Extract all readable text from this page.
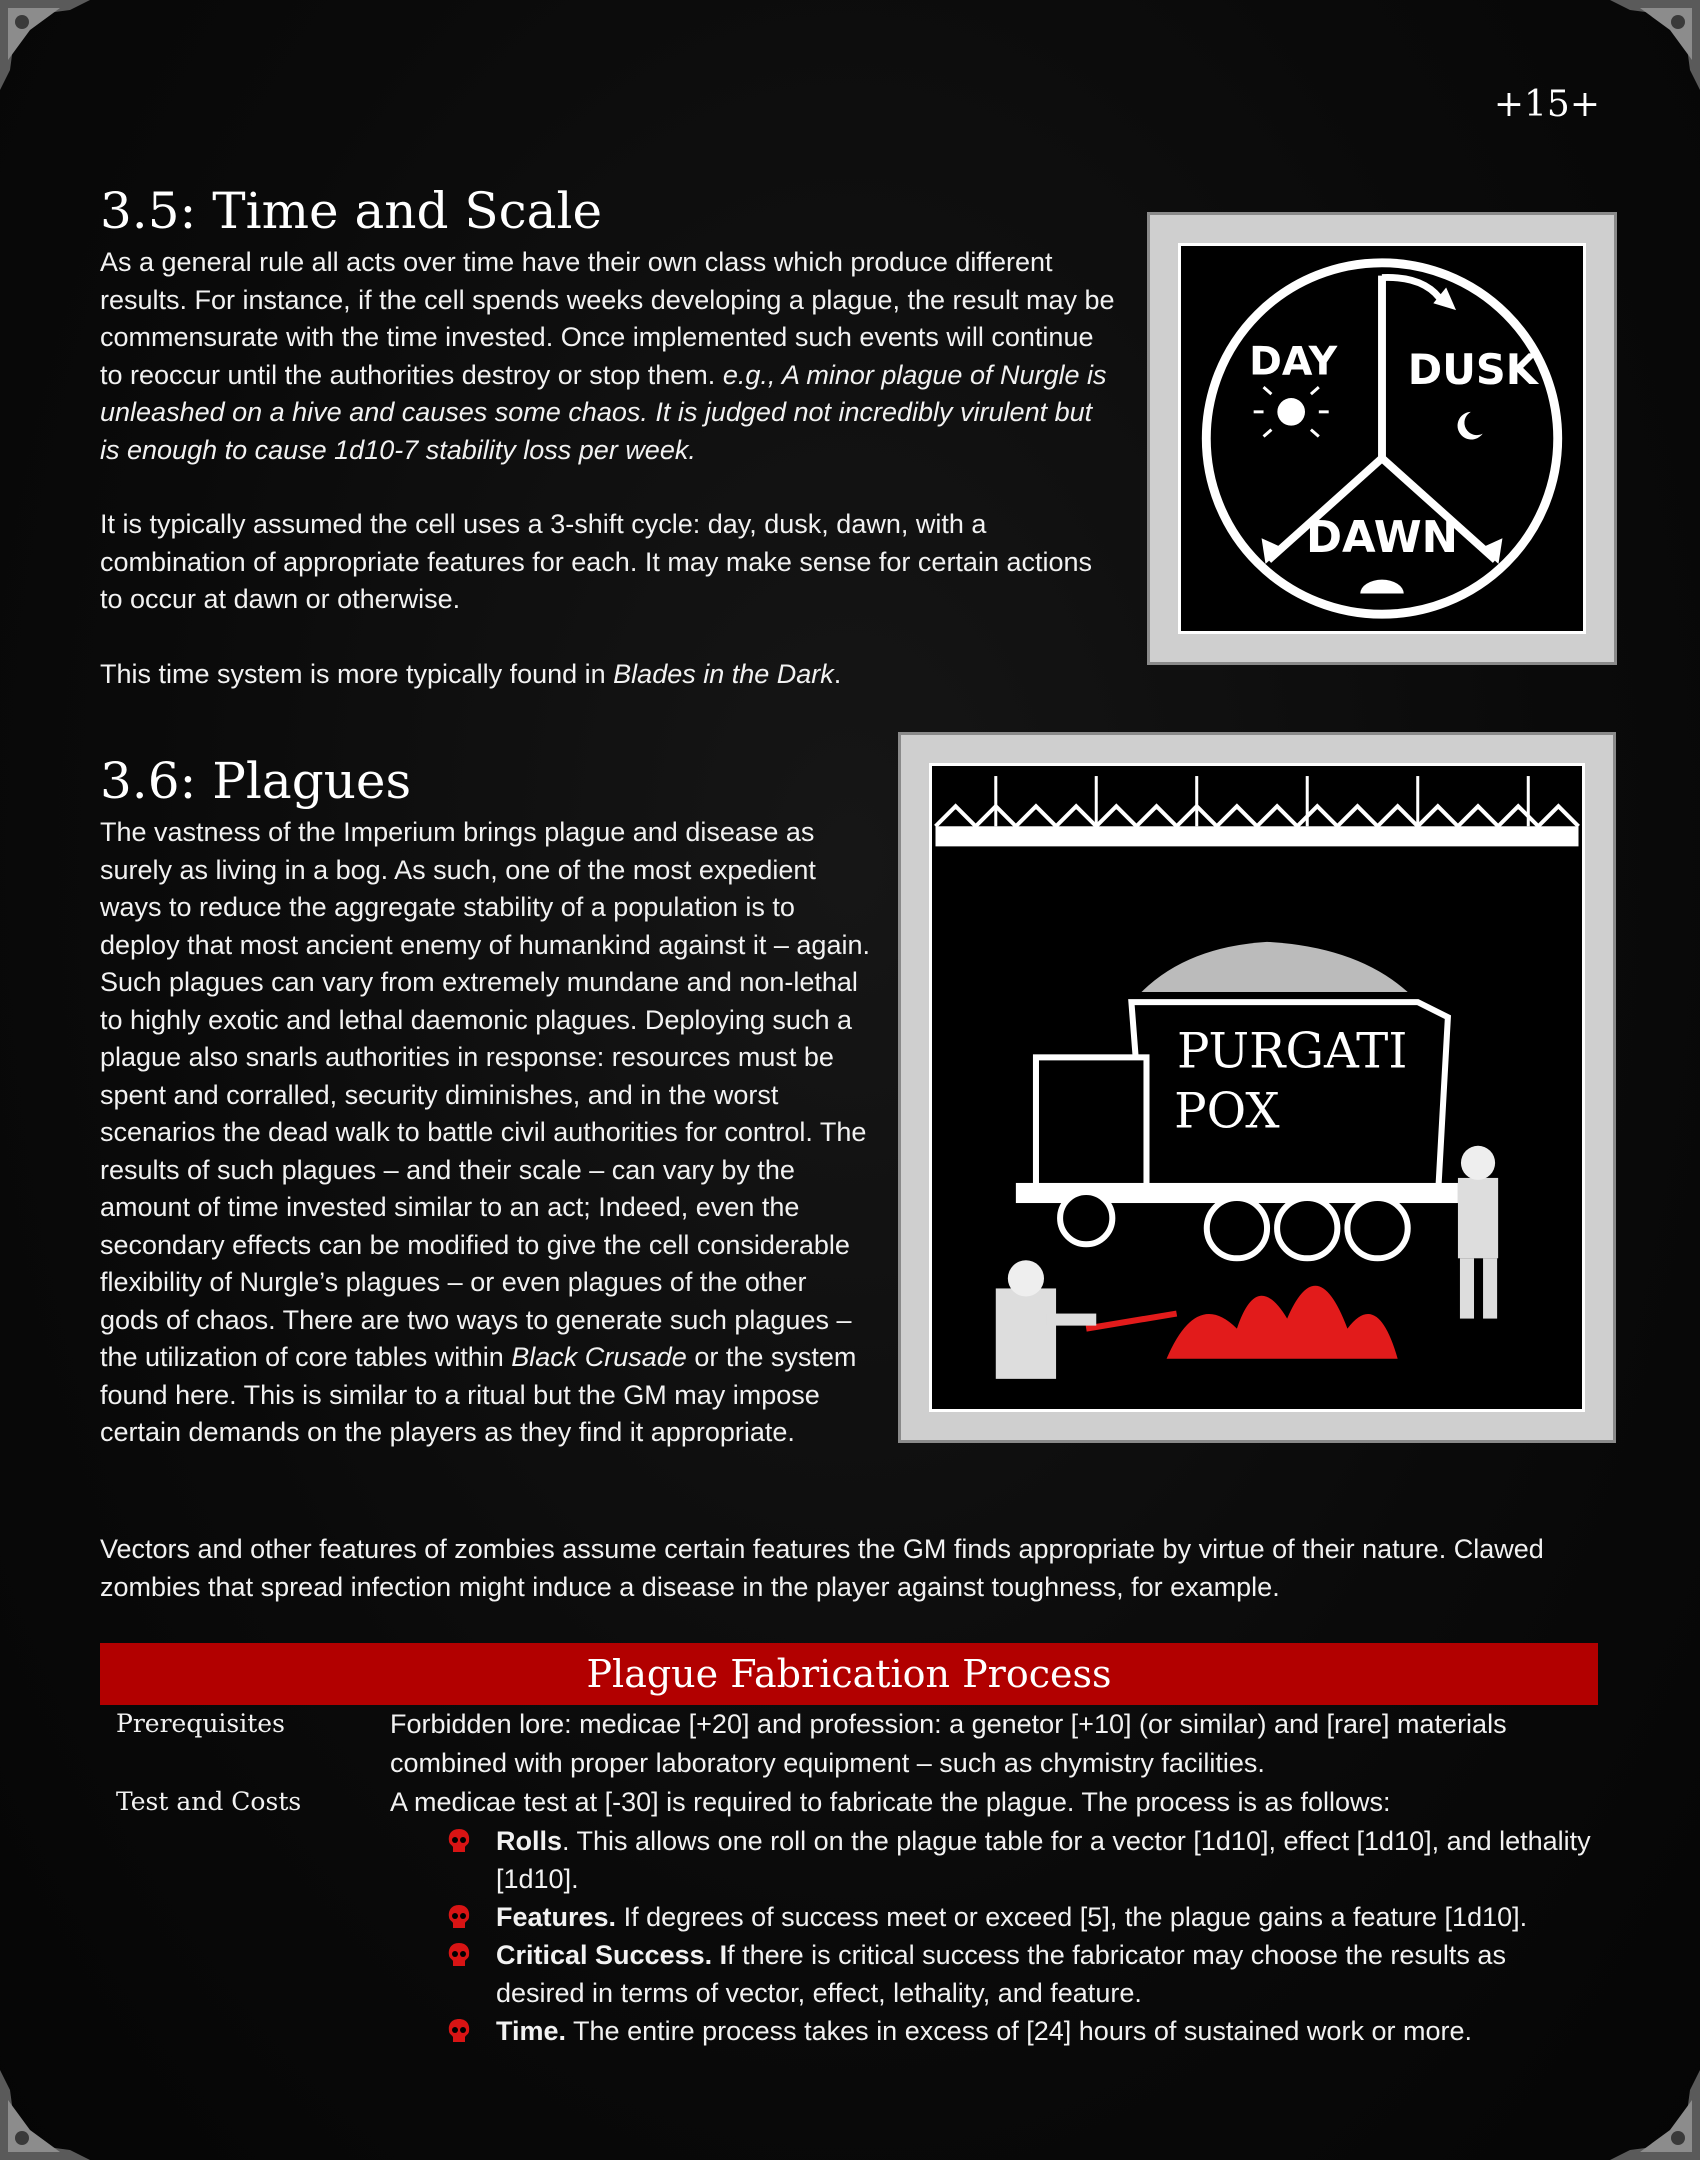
+15+
3.5: Time and Scale

As a general rule all acts over time have their own class which produce different results. For instance, if the cell spends weeks developing a plague, the result may be commensurate with the time invested. Once implemented such events will continue to reoccur until the authorities destroy or stop them. e.g., A minor plague of Nurgle is unleashed on a hive and causes some chaos. It is judged not incredibly virulent but is enough to cause 1d10-7 stability loss per week.

It is typically assumed the cell uses a 3-shift cycle: day, dusk, dawn, with a combination of appropriate features for each. It may make sense for certain actions to occur at dawn or otherwise.

This time system is more typically found in Blades in the Dark.

DAY DUSK
DAWN
3.6: Plagues

The vastness of the Imperium brings plague and disease as surely as living in a bog. As such, one of the most expedient ways to reduce the aggregate stability of a population is to deploy that most ancient enemy of humankind against it – again. Such plagues can vary from extremely mundane and non-lethal to highly exotic and lethal daemonic plagues. Deploying such a plague also snarls authorities in response: resources must be spent and corralled, security diminishes, and in the worst scenarios the dead walk to battle civil authorities for control. The results of such plagues – and their scale – can vary by the amount of time invested similar to an act; Indeed, even the secondary effects can be modified to give the cell considerable flexibility of Nurgle’s plagues – or even plagues of the other gods of chaos. There are two ways to generate such plagues – the utilization of core tables within Black Crusade or the system found here. This is similar to a ritual but the GM may impose certain demands on the players as they find it appropriate.

PURGATI
POX

Vectors and other features of zombies assume certain features the GM finds appropriate by virtue of their nature. Clawed zombies that spread infection might induce a disease in the player against toughness, for example.

Plague Fabrication Process
Prerequisites	Forbidden lore: medicae [+20] and profession: a genetor [+10] (or similar) and [rare] materials combined with proper laboratory equipment – such as chymistry facilities.
Test and Costs	A medicae test at [-30] is required to fabricate the plague. The process is as follows:
Rolls. This allows one roll on the plague table for a vector [1d10], effect [1d10], and lethality [1d10].
Features. If degrees of success meet or exceed [5], the plague gains a feature [1d10].
Critical Success. If there is critical success the fabricator may choose the results as desired in terms of vector, effect, lethality, and feature.
Time. The entire process takes in excess of [24] hours of sustained work or more.
